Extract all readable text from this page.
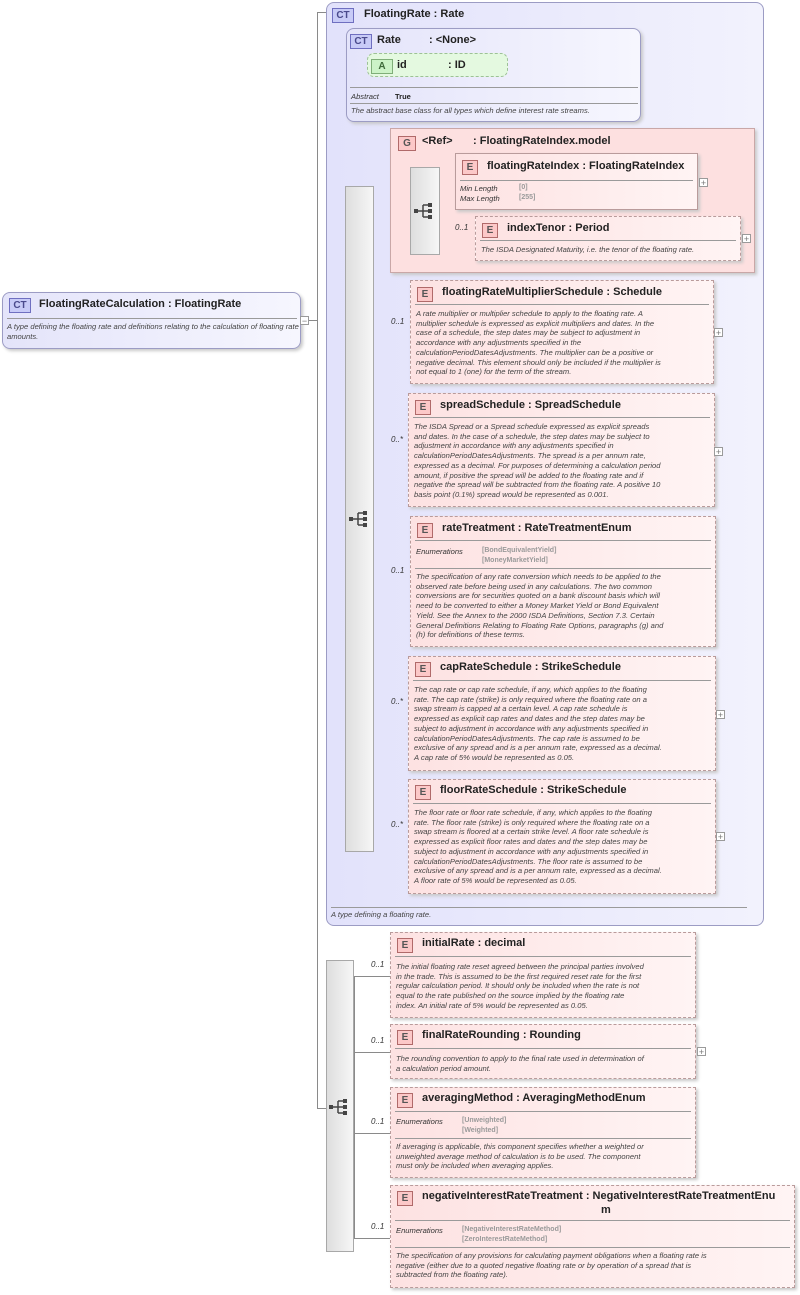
CT	FloatingRateCalculation : FloatingRate
A type defining the floating rate and definitions relating to the calculation of floating rate amounts.
−
CT	FloatingRate : Rate
A type defining a floating rate.
CT Rate	: <None>
Abstract True
The abstract base class for all types which define interest rate streams.
A	id	: ID
G	<Ref> : FloatingRateIndex.model
E	floatingRateIndex : FloatingRateIndex
Min Length	[0]
Max Length	[255]
+
0..1	E	indexTenor : Period
The ISDA Designated Maturity, i.e. the tenor of the floating rate.
+
0..1
E	floatingRateMultiplierSchedule : Schedule
A rate multiplier or multiplier schedule to apply to the floating rate. A
multiplier schedule is expressed as explicit multipliers and dates. In the
case of a schedule, the step dates may be subject to adjustment in
accordance with any adjustments specified in the
calculationPeriodDatesAdjustments. The multiplier can be a positive or
negative decimal. This element should only be included if the multiplier is
not equal to 1 (one) for the term of the stream.
+
0..*
E	spreadSchedule : SpreadSchedule
The ISDA Spread or a Spread schedule expressed as explicit spreads
and dates. In the case of a schedule, the step dates may be subject to
adjustment in accordance with any adjustments specified in
calculationPeriodDatesAdjustments. The spread is a per annum rate,
expressed as a decimal. For purposes of determining a calculation period
amount, if positive the spread will be added to the floating rate and if
negative the spread will be subtracted from the floating rate. A positive 10
basis point (0.1%) spread would be represented as 0.001.
+
0..1
E	rateTreatment : RateTreatmentEnum
Enumerations	[BondEquivalentYield]
[MoneyMarketYield]
The specification of any rate conversion which needs to be applied to the
observed rate before being used in any calculations. The two common
conversions are for securities quoted on a bank discount basis which will
need to be converted to either a Money Market Yield or Bond Equivalent
Yield. See the Annex to the 2000 ISDA Definitions, Section 7.3. Certain
General Definitions Relating to Floating Rate Options, paragraphs (g) and
(h) for definitions of these terms.
0..*
E	capRateSchedule : StrikeSchedule
The cap rate or cap rate schedule, if any, which applies to the floating
rate. The cap rate (strike) is only required where the floating rate on a
swap stream is capped at a certain level. A cap rate schedule is
expressed as explicit cap rates and dates and the step dates may be
subject to adjustment in accordance with any adjustments specified in
calculationPeriodDatesAdjustments. The cap rate is assumed to be
exclusive of any spread and is a per annum rate, expressed as a decimal.
A cap rate of 5% would be represented as 0.05.
+
0..*
E	floorRateSchedule : StrikeSchedule
The floor rate or floor rate schedule, if any, which applies to the floating
rate. The floor rate (strike) is only required where the floating rate on a
swap stream is floored at a certain strike level. A floor rate schedule is
expressed as explicit floor rates and dates and the step dates may be
subject to adjustment in accordance with any adjustments specified in
calculationPeriodDatesAdjustments. The floor rate is assumed to be
exclusive of any spread and is a per annum rate, expressed as a decimal.
A floor rate of 5% would be represented as 0.05.
+
0..1
E	initialRate : decimal
The initial floating rate reset agreed between the principal parties involved
in the trade. This is assumed to be the first required reset rate for the first
regular calculation period. It should only be included when the rate is not
equal to the rate published on the source implied by the floating rate
index. An initial rate of 5% would be represented as 0.05.
0..1	E	finalRateRounding : Rounding
The rounding convention to apply to the final rate used in determination of
a calculation period amount.
+
0..1
E	averagingMethod : AveragingMethodEnum
Enumerations	[Unweighted]
[Weighted]
If averaging is applicable, this component specifies whether a weighted or
unweighted average method of calculation is to be used. The component
must only be included when averaging applies.
0..1
E	negativeInterestRateTreatment : NegativeInterestRateTreatmentEnu
m
Enumerations	[NegativeInterestRateMethod]
[ZeroInterestRateMethod]
The specification of any provisions for calculating payment obligations when a floating rate is
negative (either due to a quoted negative floating rate or by operation of a spread that is
subtracted from the floating rate).
